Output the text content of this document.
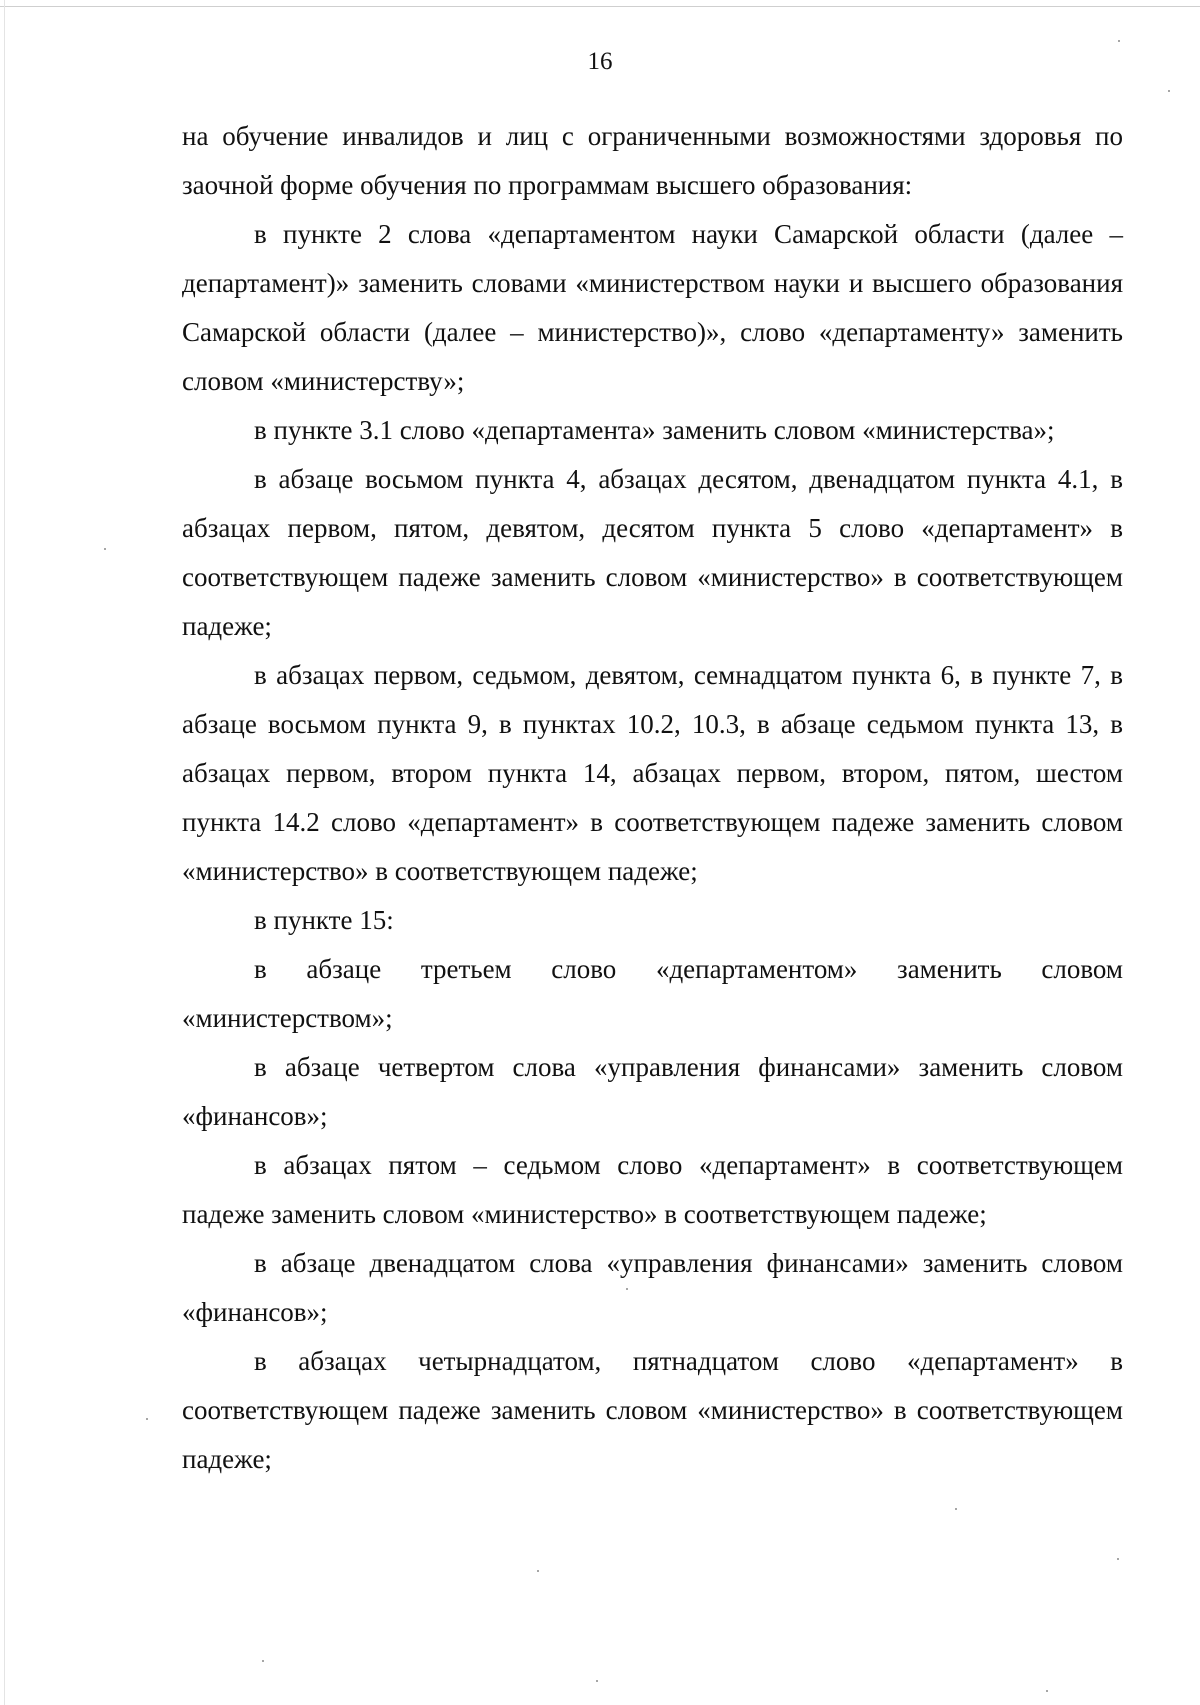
16

на обучение инвалидов и лиц с ограниченными возможностями здоровья по заочной форме обучения по программам высшего образования:

в пункте 2 слова «департаментом науки Самарской области (далее – департамент)» заменить словами «министерством науки и высшего образования Самарской области (далее – министерство)», слово «департаменту» заменить словом «министерству»;

в пункте 3.1 слово «департамента» заменить словом «министерства»;

в абзаце восьмом пункта 4, абзацах десятом, двенадцатом пункта 4.1, в абзацах первом, пятом, девятом, десятом пункта 5 слово «департамент» в соответствующем падеже заменить словом «министерство» в соответствующем падеже;

в абзацах первом, седьмом, девятом, семнадцатом пункта 6, в пункте 7, в абзаце восьмом пункта 9, в пунктах 10.2, 10.3, в абзаце седьмом пункта 13, в абзацах первом, втором пункта 14, абзацах первом, втором, пятом, шестом пункта 14.2 слово «департамент» в соответствующем падеже заменить словом «министерство» в соответствующем падеже;

в пункте 15:

в абзаце третьем слово «департаментом» заменить словом «министерством»;

в абзаце четвертом слова «управления финансами» заменить словом «финансов»;

в абзацах пятом – седьмом слово «департамент» в соответствующем падеже заменить словом «министерство» в соответствующем падеже;

в абзаце двенадцатом слова «управления финансами» заменить словом «финансов»;

в абзацах четырнадцатом, пятнадцатом слово «департамент» в соответствующем падеже заменить словом «министерство» в соответствующем падеже;
